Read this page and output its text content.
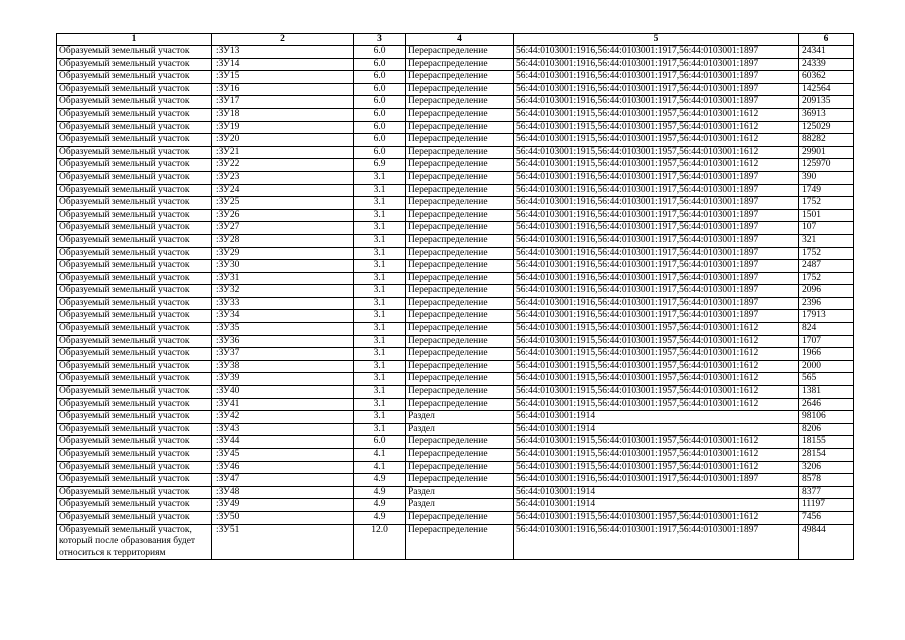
1	2	3	4	5	6
Образуемый земельный участок	:ЗУ13	6.0	Перераспределение	56:44:0103001:1916,56:44:0103001:1917,56:44:0103001:1897	24341
Образуемый земельный участок	:ЗУ14	6.0	Перераспределение	56:44:0103001:1916,56:44:0103001:1917,56:44:0103001:1897	24339
Образуемый земельный участок	:ЗУ15	6.0	Перераспределение	56:44:0103001:1916,56:44:0103001:1917,56:44:0103001:1897	60362
Образуемый земельный участок	:ЗУ16	6.0	Перераспределение	56:44:0103001:1916,56:44:0103001:1917,56:44:0103001:1897	142564
Образуемый земельный участок	:ЗУ17	6.0	Перераспределение	56:44:0103001:1916,56:44:0103001:1917,56:44:0103001:1897	209135
Образуемый земельный участок	:ЗУ18	6.0	Перераспределение	56:44:0103001:1915,56:44:0103001:1957,56:44:0103001:1612	36913
Образуемый земельный участок	:ЗУ19	6.0	Перераспределение	56:44:0103001:1915,56:44:0103001:1957,56:44:0103001:1612	125029
Образуемый земельный участок	:ЗУ20	6.0	Перераспределение	56:44:0103001:1915,56:44:0103001:1957,56:44:0103001:1612	88282
Образуемый земельный участок	:ЗУ21	6.0	Перераспределение	56:44:0103001:1915,56:44:0103001:1957,56:44:0103001:1612	29901
Образуемый земельный участок	:ЗУ22	6.9	Перераспределение	56:44:0103001:1915,56:44:0103001:1957,56:44:0103001:1612	125970
Образуемый земельный участок	:ЗУ23	3.1	Перераспределение	56:44:0103001:1916,56:44:0103001:1917,56:44:0103001:1897	390
Образуемый земельный участок	:ЗУ24	3.1	Перераспределение	56:44:0103001:1916,56:44:0103001:1917,56:44:0103001:1897	1749
Образуемый земельный участок	:ЗУ25	3.1	Перераспределение	56:44:0103001:1916,56:44:0103001:1917,56:44:0103001:1897	1752
Образуемый земельный участок	:ЗУ26	3.1	Перераспределение	56:44:0103001:1916,56:44:0103001:1917,56:44:0103001:1897	1501
Образуемый земельный участок	:ЗУ27	3.1	Перераспределение	56:44:0103001:1916,56:44:0103001:1917,56:44:0103001:1897	107
Образуемый земельный участок	:ЗУ28	3.1	Перераспределение	56:44:0103001:1916,56:44:0103001:1917,56:44:0103001:1897	321
Образуемый земельный участок	:ЗУ29	3.1	Перераспределение	56:44:0103001:1916,56:44:0103001:1917,56:44:0103001:1897	1752
Образуемый земельный участок	:ЗУ30	3.1	Перераспределение	56:44:0103001:1916,56:44:0103001:1917,56:44:0103001:1897	2487
Образуемый земельный участок	:ЗУ31	3.1	Перераспределение	56:44:0103001:1916,56:44:0103001:1917,56:44:0103001:1897	1752
Образуемый земельный участок	:ЗУ32	3.1	Перераспределение	56:44:0103001:1916,56:44:0103001:1917,56:44:0103001:1897	2096
Образуемый земельный участок	:ЗУ33	3.1	Перераспределение	56:44:0103001:1916,56:44:0103001:1917,56:44:0103001:1897	2396
Образуемый земельный участок	:ЗУ34	3.1	Перераспределение	56:44:0103001:1916,56:44:0103001:1917,56:44:0103001:1897	17913
Образуемый земельный участок	:ЗУ35	3.1	Перераспределение	56:44:0103001:1915,56:44:0103001:1957,56:44:0103001:1612	824
Образуемый земельный участок	:ЗУ36	3.1	Перераспределение	56:44:0103001:1915,56:44:0103001:1957,56:44:0103001:1612	1707
Образуемый земельный участок	:ЗУ37	3.1	Перераспределение	56:44:0103001:1915,56:44:0103001:1957,56:44:0103001:1612	1966
Образуемый земельный участок	:ЗУ38	3.1	Перераспределение	56:44:0103001:1915,56:44:0103001:1957,56:44:0103001:1612	2000
Образуемый земельный участок	:ЗУ39	3.1	Перераспределение	56:44:0103001:1915,56:44:0103001:1957,56:44:0103001:1612	565
Образуемый земельный участок	:ЗУ40	3.1	Перераспределение	56:44:0103001:1915,56:44:0103001:1957,56:44:0103001:1612	1381
Образуемый земельный участок	:ЗУ41	3.1	Перераспределение	56:44:0103001:1915,56:44:0103001:1957,56:44:0103001:1612	2646
Образуемый земельный участок	:ЗУ42	3.1	Раздел	56:44:0103001:1914	98106
Образуемый земельный участок	:ЗУ43	3.1	Раздел	56:44:0103001:1914	8206
Образуемый земельный участок	:ЗУ44	6.0	Перераспределение	56:44:0103001:1915,56:44:0103001:1957,56:44:0103001:1612	18155
Образуемый земельный участок	:ЗУ45	4.1	Перераспределение	56:44:0103001:1915,56:44:0103001:1957,56:44:0103001:1612	28154
Образуемый земельный участок	:ЗУ46	4.1	Перераспределение	56:44:0103001:1915,56:44:0103001:1957,56:44:0103001:1612	3206
Образуемый земельный участок	:ЗУ47	4.9	Перераспределение	56:44:0103001:1916,56:44:0103001:1917,56:44:0103001:1897	8578
Образуемый земельный участок	:ЗУ48	4.9	Раздел	56:44:0103001:1914	8377
Образуемый земельный участок	:ЗУ49	4.9	Раздел	56:44:0103001:1914	11197
Образуемый земельный участок	:ЗУ50	4.9	Перераспределение	56:44:0103001:1915,56:44:0103001:1957,56:44:0103001:1612	7456
Образуемый земельный участок, который после образования будет относиться к территориям	:ЗУ51	12.0	Перераспределение	56:44:0103001:1916,56:44:0103001:1917,56:44:0103001:1897	49844
